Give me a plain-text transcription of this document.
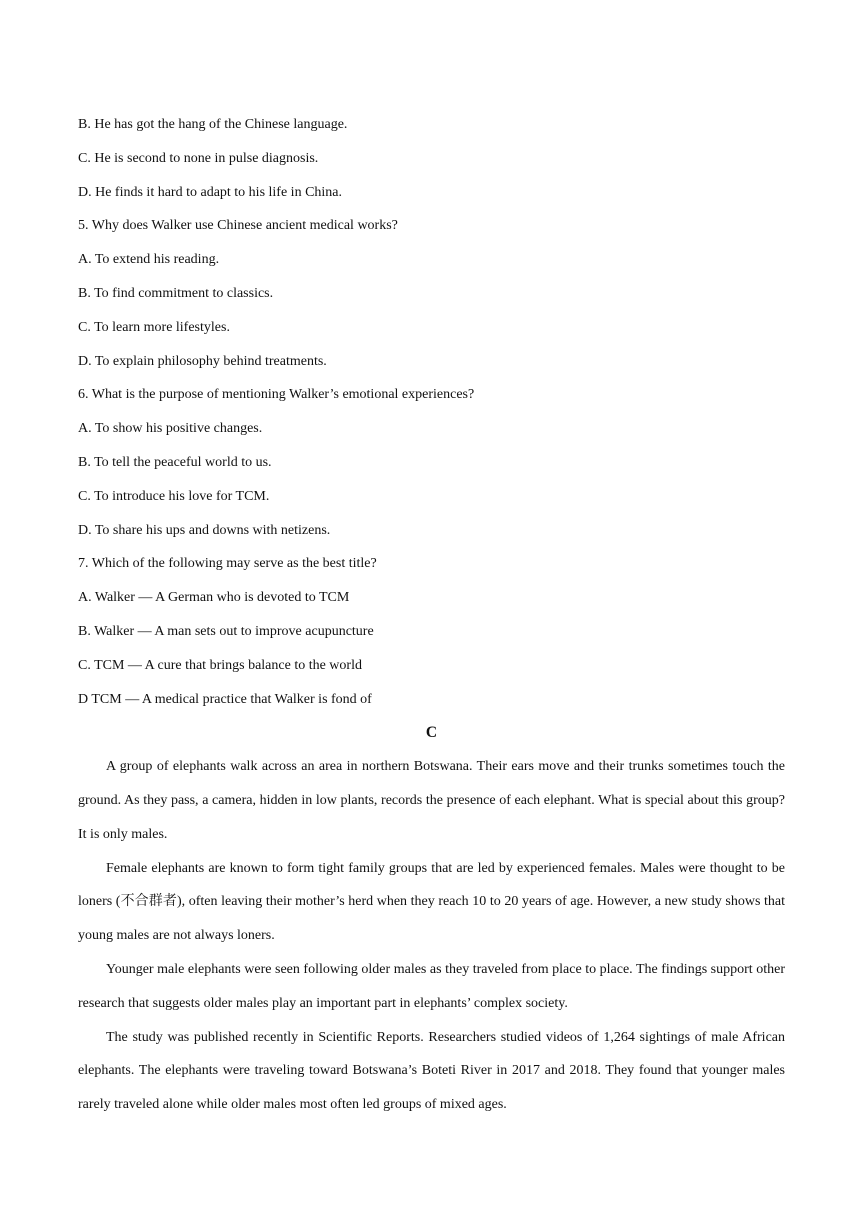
B. He has got the hang of the Chinese language.
C. He is second to none in pulse diagnosis.
D. He finds it hard to adapt to his life in China.
5. Why does Walker use Chinese ancient medical works?
A. To extend his reading.
B. To find commitment to classics.
C. To learn more lifestyles.
D. To explain philosophy behind treatments.
6. What is the purpose of mentioning Walker’s emotional experiences?
A. To show his positive changes.
B. To tell the peaceful world to us.
C. To introduce his love for TCM.
D. To share his ups and downs with netizens.
7. Which of the following may serve as the best title?
A. Walker — A German who is devoted to TCM
B. Walker — A man sets out to improve acupuncture
C. TCM — A cure that brings balance to the world
D TCM — A medical practice that Walker is fond of
C

A group of elephants walk across an area in northern Botswana. Their ears move and their trunks sometimes touch the ground. As they pass, a camera, hidden in low plants, records the presence of each elephant. What is special about this group? It is only males.

Female elephants are known to form tight family groups that are led by experienced females. Males were thought to be loners (不合群者), often leaving their mother’s herd when they reach 10 to 20 years of age. However, a new study shows that young males are not always loners.

Younger male elephants were seen following older males as they traveled from place to place. The findings support other research that suggests older males play an important part in elephants’ complex society.

The study was published recently in Scientific Reports. Researchers studied videos of 1,264 sightings of male African elephants. The elephants were traveling toward Botswana’s Boteti River in 2017 and 2018. They found that younger males rarely traveled alone while older males most often led groups of mixed ages.
